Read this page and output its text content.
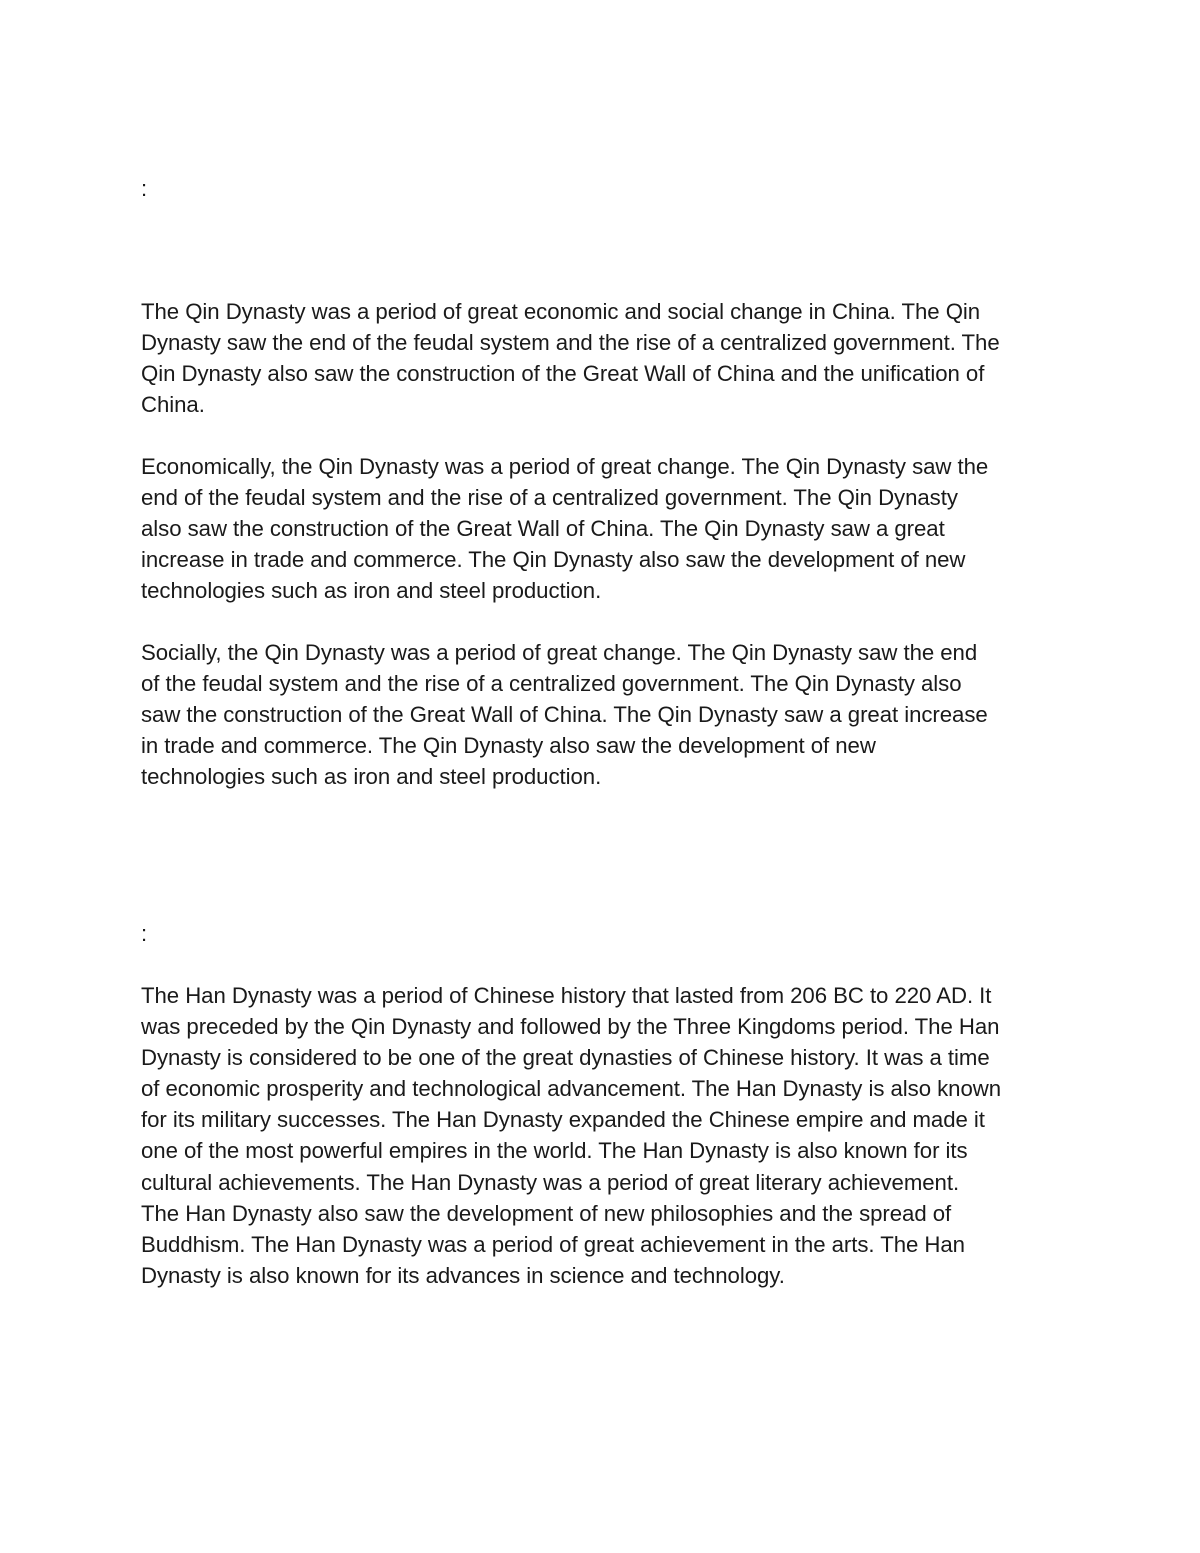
:

The Qin Dynasty was a period of great economic and social change in China. The Qin
Dynasty saw the end of the feudal system and the rise of a centralized government. The
Qin Dynasty also saw the construction of the Great Wall of China and the unification of
China.

Economically, the Qin Dynasty was a period of great change. The Qin Dynasty saw the
end of the feudal system and the rise of a centralized government. The Qin Dynasty
also saw the construction of the Great Wall of China. The Qin Dynasty saw a great
increase in trade and commerce. The Qin Dynasty also saw the development of new
technologies such as iron and steel production.

Socially, the Qin Dynasty was a period of great change. The Qin Dynasty saw the end
of the feudal system and the rise of a centralized government. The Qin Dynasty also
saw the construction of the Great Wall of China. The Qin Dynasty saw a great increase
in trade and commerce. The Qin Dynasty also saw the development of new
technologies such as iron and steel production.

:

The Han Dynasty was a period of Chinese history that lasted from 206 BC to 220 AD. It
was preceded by the Qin Dynasty and followed by the Three Kingdoms period. The Han
Dynasty is considered to be one of the great dynasties of Chinese history. It was a time
of economic prosperity and technological advancement. The Han Dynasty is also known
for its military successes. The Han Dynasty expanded the Chinese empire and made it
one of the most powerful empires in the world. The Han Dynasty is also known for its
cultural achievements. The Han Dynasty was a period of great literary achievement.
The Han Dynasty also saw the development of new philosophies and the spread of
Buddhism. The Han Dynasty was a period of great achievement in the arts. The Han
Dynasty is also known for its advances in science and technology.
